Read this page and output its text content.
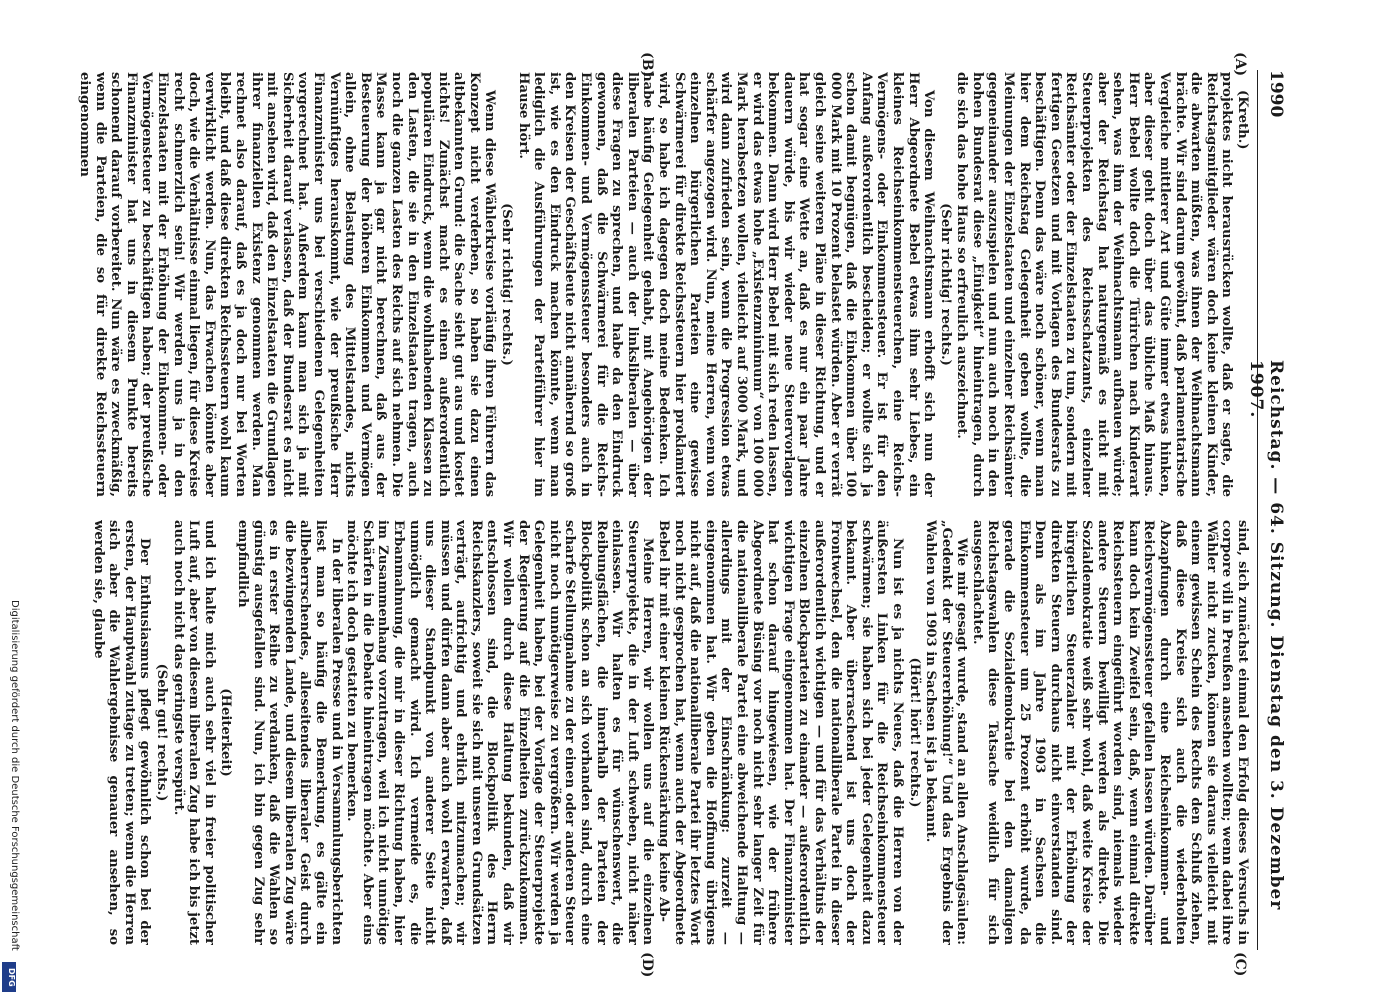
1990
Reichstag. — 64. Sitzung. Dienstag den 3. Dezember 1907.
(A)
(B)
(C)
(D)

(Kreth.)

projektes nicht herausrücken wollte, daß er sagte, die Reichstagsmitglieder wären doch keine kleinen Kinder, die abwarten müßten, was ihnen der Weihnachtsmann brächte. Wir sind darum gewöhnt, daß parlamentarische Vergleiche mittlerer Art und Güte immer etwas hinken, aber dieser geht doch über das übliche Maß hinaus. Herr Bebel wollte doch die Türirchen nach Kinderart sehen, was ihm der Weihnachtsmann aufbauen würde; aber der Reichstag hat naturgemäß es nicht mit Steuerprojekten des Reichsschatzamts, einzelner Reichsämter oder der Einzelstaaten zu tun, sondern mit fertigen Gesetzen und mit Vorlagen des Bundesrats zu beschäftigen. Denn das wäre noch schöner, wenn man hier dem Reichstag Gelegenheit geben wollte, die Meinungen der Einzelstaaten und einzelner Reichsämter gegeneinander auszuspielen und nun auch noch in den hohen Bundesrat diese „Einigkeit“ hineintragen, durch die sich das hohe Haus so erfreulich auszeichnet.

(Sehr richtig! rechts.)

Von diesem Weihnachtsmann erhofft sich nun der Herr Abgeordnete Bebel etwas ihm sehr Liebes, ein kleines Reichseinkommensteuerchen, eine Reichs-Vermögens- oder Einkommensteuer. Er ist für den Anfang außerordentlich bescheiden; er wollte sich ja schon damit begnügen, daß die Einkommen über 100 000 Mark mit 10 Prozent belastet würden. Aber er verrät gleich seine weiteren Pläne in dieser Richtung, und er hat sogar eine Wette an, daß es nur ein paar Jahre dauern würde, bis wir wieder neue Steuervorlagen bekommen. Dann wird Herr Bebel mit sich reden lassen, er wird das etwas hohe „Existenzminimum“ von 100 000 Mark herabsetzen wollen, vielleicht auf 3000 Mark, und wird dann zufrieden sein, wenn die Progression etwas schärfer angezogen wird. Nun, meine Herren, wenn von einzelnen bürgerlichen Parteien eine gewisse Schwärmerei für direkte Reichssteuern hier proklamiert wird, so habe ich dagegen doch meine Bedenken. Ich habe häufig Gelegenheit gehabt, mit Angehörigen der liberalen Parteien — auch der linksliberalen — über diese Fragen zu sprechen, und habe da den Eindruck gewonnen, daß die Schwärmerei für die Reichs-Einkommen- und Vermögenssteuer besonders auch in den Kreisen der Geschäftsleute nicht annähernd so groß ist, wie es den Eindruck machen könnte, wenn man lediglich die Ausführungen der Parteiführer hier im Hause hört.

(Sehr richtig! rechts.)

Wenn diese Wählerkreise vorläufig ihren Führern das Konzept nicht verderben, so haben sie dazu einen altbekannten Grund: die Sache sieht gut aus und kostet nichts! Zunächst macht es einen außerordentlich populären Eindruck, wenn die wohlhabenden Klassen zu den Lasten, die sie in den Einzelstaaten tragen, auch noch die ganzen Lasten des Reichs auf sich nehmen. Die Masse kann ja gar nicht berechnen, daß aus der Besteuerung der höheren Einkommen und Vermögen allein, ohne Belastung des Mittelstandes, nichts Vernünftiges herauskommt, wie der preußische Herr Finanzminister uns bei verschiedenen Gelegenheiten vorgerechnet hat. Außerdem kann man sich ja mit Sicherheit darauf verlassen, daß der Bundesrat es nicht mit ansehen wird, daß den Einzelstaaten die Grundlagen ihrer finanziellen Existenz genommen werden. Man rechnet also darauf, daß es ja doch nur bei Worten bleibt, und daß diese direkten Reichssteuern wohl kaum verwirklicht werden. Nun, das Erwachen könnte aber doch, wie die Verhältnisse einmal liegen, für diese Kreise recht schmerzlich sein! Wir werden uns ja in den Einzelstaaten mit der Erhöhung der Einkommen- oder Vermögensteuer zu beschäftigen haben; der preußische Finanzminister hat uns in diesem Punkte bereits schonend darauf vorbereitet. Nun wäre es zweckmäßig, wenn die Parteien, die so für direkte Reichssteuern eingenommen

sind, sich zunächst einmal den Erfolg dieses Versuchs in corpore vili in Preußen ansehen wollten; wenn dabei ihre Wähler nicht zucken, können sie daraus vielleicht mit einem gewissen Schein des Rechts den Schluß ziehen, daß diese Kreise sich auch die wiederholten Abzapfungen durch eine Reichseinkommen- und Reichsvermögenssteuer gefallen lassen würden. Darüber kann doch kein Zweifel sein, daß, wenn einmal direkte Reichssteuern eingeführt worden sind, niemals wieder andere Steuern bewilligt werden als direkte. Die Sozialdemokratie weiß sehr wohl, daß weite Kreise der bürgerlichen Steuerzahler mit der Erhöhung der direkten Steuern durchaus nicht einverstanden sind. Denn als im Jahre 1903 in Sachsen die Einkommensteuer um 25 Prozent erhöht wurde, da gerade die Sozialdemokratie bei den damaligen Reichstagswahlen diese Tatsache weidlich für sich ausgeschlachtet.

Wie mir gesagt wurde, stand an allen Anschlagsäulen: „Gedenkt der Steuererhöhung!“ Und das Ergebnis der Wahlen von 1903 in Sachsen ist ja bekannt.

(Hört! hört! rechts.)

Nun ist es ja nichts Neues, daß die Herren von der äußersten Linken für die Reichseinkommensteuer schwärmen; sie haben sich bei jeder Gelegenheit dazu bekannt. Aber überraschend ist uns doch der Frontwechsel, den die nationalliberale Partei in dieser außerordentlich wichtigen — und für das Verhältnis der einzelnen Blockparteien zu einander — außerordentlich wichtigen Frage eingenommen hat. Der Finanzminister hat schon darauf hingewiesen, wie der frühere Abgeordnete Büsing vor noch nicht sehr langer Zeit für die nationalliberale Partei eine abweichende Haltung — allerdings mit der Einschränkung: zurzeit — eingenommen hat. Wir geben die Hoffnung übrigens nicht auf, daß die nationalliberale Partei ihr letztes Wort noch nicht gesprochen hat, wenn auch der Abgeordnete Bebel ihr mit einer kleinen Rückenstärkung keine Ab-

Meine Herren, wir wollen uns auf die einzelnen Steuerprojekte, die in der Luft schweben, nicht näher einlassen. Wir halten es für wünschenswert, die Reibungsflächen, die innerhalb der Parteien der Blockpolitik schon an sich vorhanden sind, durch eine scharfe Stellungnahme zu der einen oder anderen Steuer nicht noch unnötigerweise zu vergrößern. Wir werden ja Gelegenheit haben, bei der Vorlage der Steuerprojekte der Regierung auf die Einzelheiten zurückzukommen. Wir wollen durch diese Haltung bekunden, daß wir entschlossen sind, die Blockpolitik des Herrn Reichskanzlers, soweit sie sich mit unseren Grundsätzen verträgt, aufrichtig und ehrlich mitzumachen; wir müssen und dürfen dann aber auch wohl erwarten, daß uns dieser Standpunkt von anderer Seite nicht unmöglich gemacht wird. Ich vermeide es, die Erbanmahnung, die mir in dieser Richtung haben, hier im Zusammenhang vorzutragen, weil ich nicht unnötige Schärfen in die Debatte hineintragen möchte. Aber eins möchte ich doch gestatten zu bemerken.

In der liberalen Presse und in Versammlungsberichten liest man so häufig die Bemerkung, es gälte ein allbeherrschendes, alleseitendes liberaler Geist durch die bezwingenden Lande, und diesem liberalen Zug wäre es in erster Reihe zu verdanken, daß die Wahlen so günstig ausgefallen sind. Nun, ich bin gegen Zug sehr empfindlich

(Heiterkeit)

und ich halte mich auch sehr viel in freier politischer Luft auf, aber von diesem liberalen Zug habe ich bis jetzt auch noch nicht das geringste verspürt.

(Sehr gut! rechts.)

Der Enthusiasmus pflegt gewöhnlich schon bei der ersten, der Hauptwahl zutage zu treten; wenn die Herren sich aber die Wahlergebnisse genauer ansehen, so werden sie, glaube

Digitalisierung gefördert durch die Deutsche Forschungsgemeinschaft
DFG
